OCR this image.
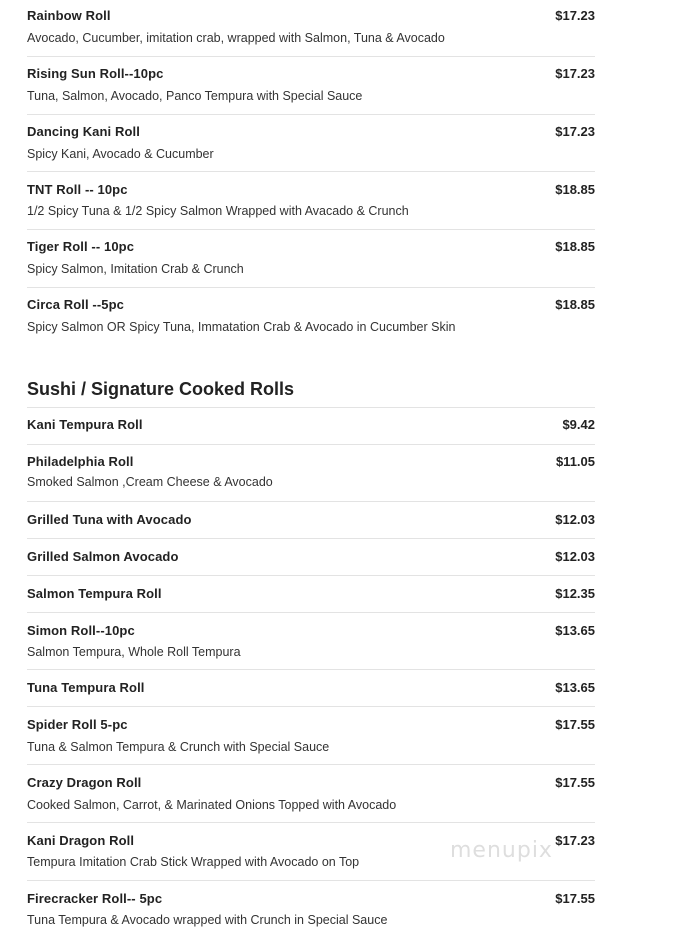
Rainbow Roll	$17.23
Avocado, Cucumber, imitation crab, wrapped with Salmon, Tuna & Avocado
Rising Sun Roll--10pc	$17.23
Tuna, Salmon, Avocado, Panco Tempura with Special Sauce
Dancing Kani Roll	$17.23
Spicy Kani, Avocado & Cucumber
TNT Roll -- 10pc	$18.85
1/2 Spicy Tuna & 1/2 Spicy Salmon Wrapped with Avacado & Crunch
Tiger Roll -- 10pc	$18.85
Spicy Salmon, Imitation Crab & Crunch
Circa Roll --5pc	$18.85
Spicy Salmon OR Spicy Tuna, Immatation Crab & Avocado in Cucumber Skin
Sushi / Signature Cooked Rolls
Kani Tempura Roll	$9.42
Philadelphia Roll	$11.05
Smoked Salmon ,Cream Cheese & Avocado
Grilled Tuna with Avocado	$12.03
Grilled Salmon Avocado	$12.03
Salmon Tempura Roll	$12.35
Simon Roll--10pc	$13.65
Salmon Tempura, Whole Roll Tempura
Tuna Tempura Roll	$13.65
Spider Roll 5-pc	$17.55
Tuna & Salmon Tempura & Crunch with Special Sauce
Crazy Dragon Roll	$17.55
Cooked Salmon, Carrot, & Marinated Onions Topped with Avocado
Kani Dragon Roll	$17.23
Tempura Imitation Crab Stick Wrapped with Avocado on Top
Firecracker Roll-- 5pc	$17.55
Tuna Tempura & Avocado wrapped with Crunch in Special Sauce
menupix
